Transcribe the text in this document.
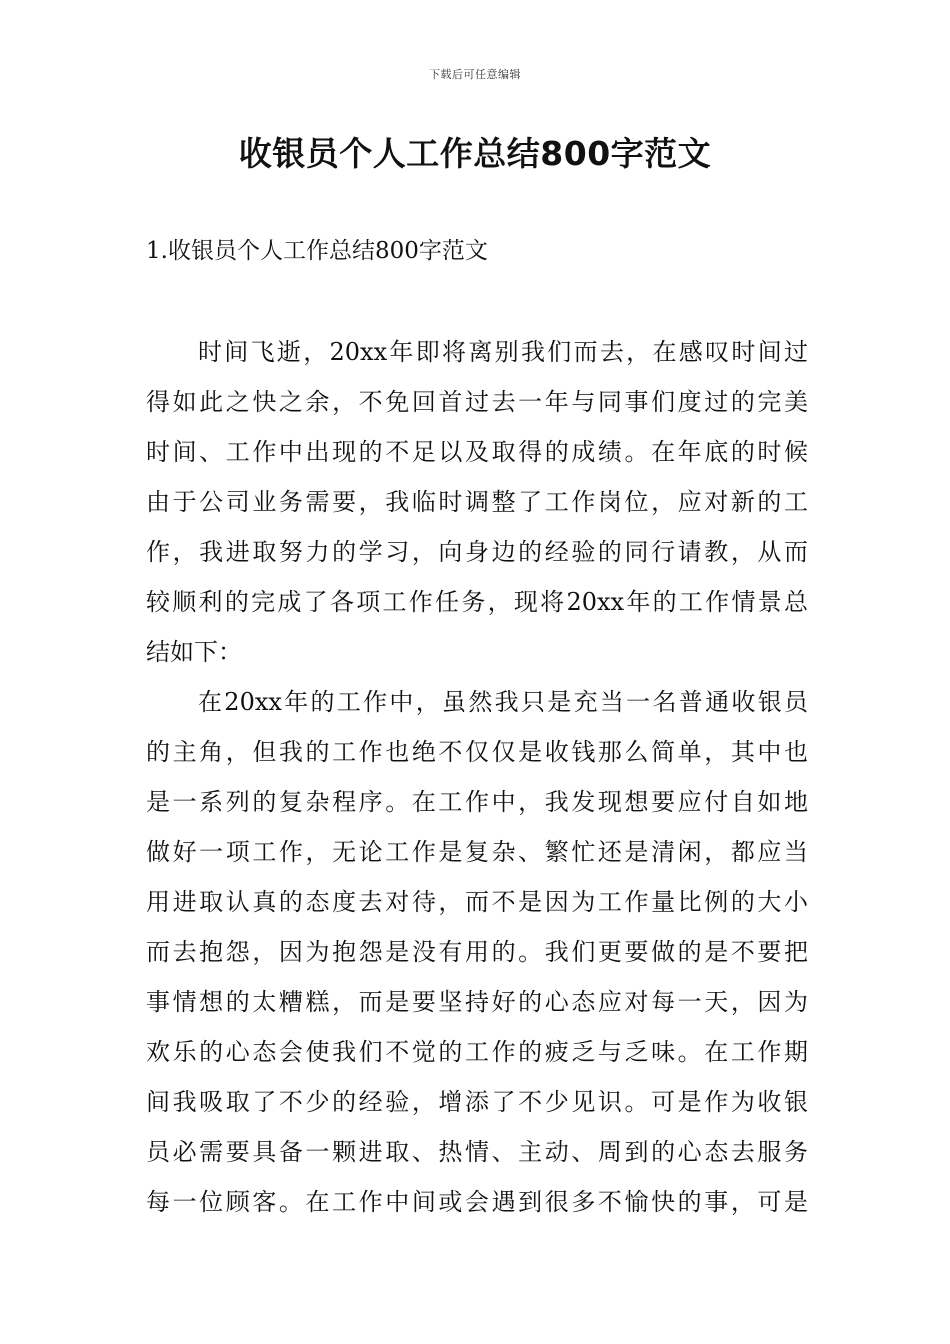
下载后可任意编辑
收银员个人工作总结800字范文
1.收银员个人工作总结800字范文
时间飞逝，20xx年即将离别我们而去，在感叹时间过
得如此之快之余，不免回首过去一年与同事们度过的完美
时间、工作中出现的不足以及取得的成绩。在年底的时候
由于公司业务需要，我临时调整了工作岗位，应对新的工
作，我进取努力的学习，向身边的经验的同行请教，从而
较顺利的完成了各项工作任务，现将20xx年的工作情景总
结如下：
在20xx年的工作中，虽然我只是充当一名普通收银员
的主角，但我的工作也绝不仅仅是收钱那么简单，其中也
是一系列的复杂程序。在工作中，我发现想要应付自如地
做好一项工作，无论工作是复杂、繁忙还是清闲，都应当
用进取认真的态度去对待，而不是因为工作量比例的大小
而去抱怨，因为抱怨是没有用的。我们更要做的是不要把
事情想的太糟糕，而是要坚持好的心态应对每一天，因为
欢乐的心态会使我们不觉的工作的疲乏与乏味。在工作期
间我吸取了不少的经验，增添了不少见识。可是作为收银
员必需要具备一颗进取、热情、主动、周到的心态去服务
每一位顾客。在工作中间或会遇到很多不愉快的事，可是
